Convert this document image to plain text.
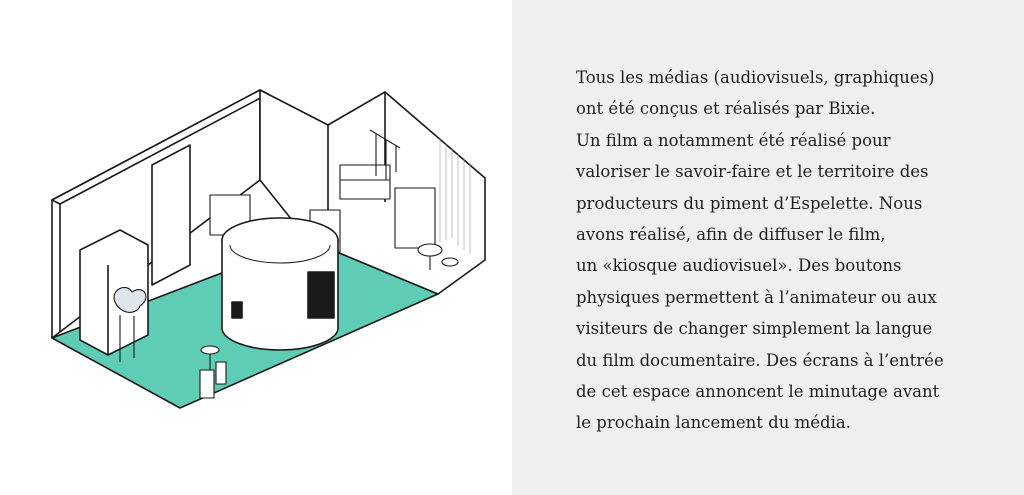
Tous les médias (audiovisuels, graphiques)
ont été conçus et réalisés par Bixie.
Un film a notamment été réalisé pour
valoriser le savoir-faire et le territoire des
producteurs du piment d’Espelette. Nous
avons réalisé, afin de diffuser le film,
un «kiosque audiovisuel». Des boutons
physiques permettent à l’animateur ou aux
visiteurs de changer simplement la langue
du film documentaire. Des écrans à l’entrée
de cet espace annoncent le minutage avant
le prochain lancement du média.
